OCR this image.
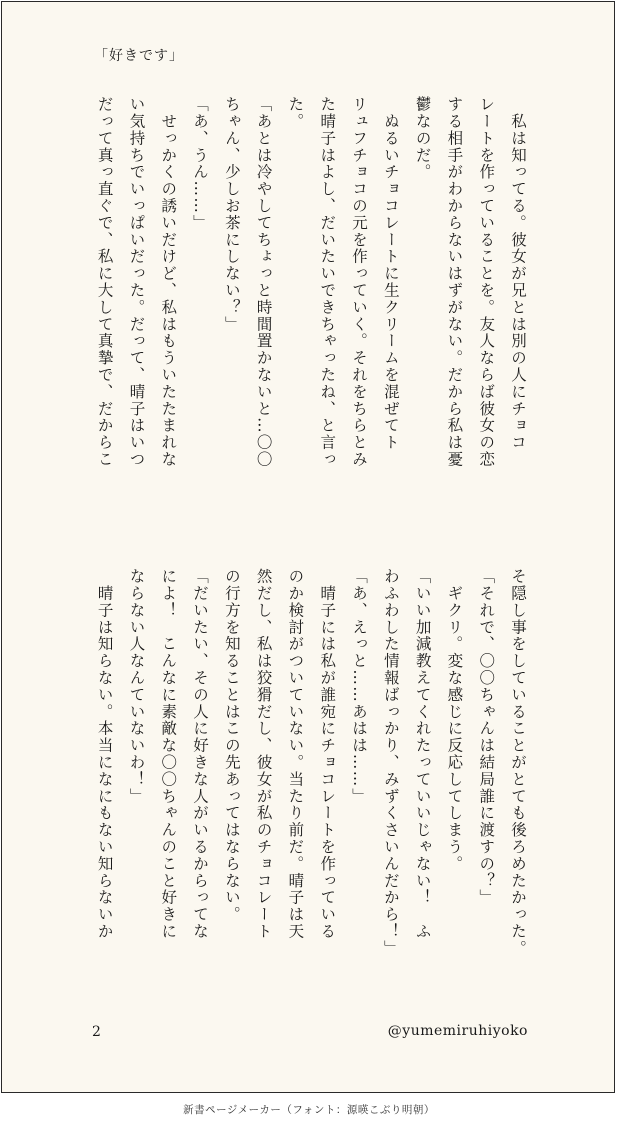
「好きです」

　私は知ってる。彼女が兄とは別の人にチョコ

レートを作っていることを。友人ならば彼女の恋

する相手がわからないはずがない。だから私は憂

鬱なのだ。

　ぬるいチョコレートに生クリームを混ぜてト

リュフチョコの元を作っていく。それをちらとみ

た晴子はよし、だいたいできちゃったね、と言っ

た。

「あとは冷やしてちょっと時間置かないと…〇〇

ちゃん、少しお茶にしない？」

「あ、うん……」

　せっかくの誘いだけど、私はもういたたまれな

い気持ちでいっぱいだった。だって、晴子はいつ

だって真っ直ぐで、私に大して真摯で、だからこ

そ隠し事をしていることがとても後ろめたかった。

「それで、〇〇ちゃんは結局誰に渡すの？」

　ギクリ。変な感じに反応してしまう。

「いい加減教えてくれたっていいじゃない！　ふ

わふわした情報ばっかり、みずくさいんだから！」

「あ、えっと……あはは……」

　晴子には私が誰宛にチョコレートを作っている

のか検討がついていない。当たり前だ。晴子は天

然だし、私は狡猾だし、彼女が私のチョコレート

の行方を知ることはこの先あってはならない。

「だいたい、その人に好きな人がいるからってな

によ！　こんなに素敵な〇〇ちゃんのこと好きに

ならない人なんていないわ！」

　晴子は知らない。本当になにもない知らないか

2	@yumemiruhiyoko
新書ページメーカー（フォント：源暎こぶり明朝）
